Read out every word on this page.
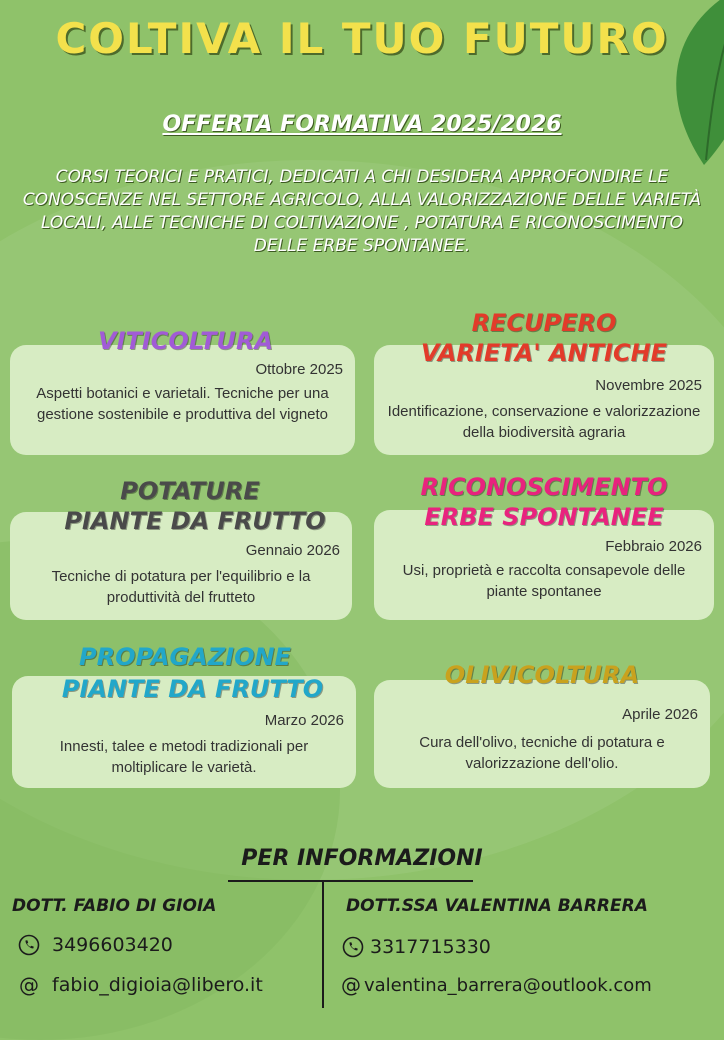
COLTIVA IL TUO FUTURO
OFFERTA FORMATIVA 2025/2026
CORSI TEORICI E PRATICI, DEDICATI A CHI DESIDERA APPROFONDIRE LE CONOSCENZE NEL SETTORE AGRICOLO, ALLA VALORIZZAZIONE DELLE VARIETÀ LOCALI, ALLE TECNICHE DI COLTIVAZIONE , POTATURA E RICONOSCIMENTO DELLE ERBE SPONTANEE.
Ottobre 2025
Aspetti botanici e varietali. Tecniche per una gestione sostenibile e produttiva del vigneto
VITICOLTURA
Novembre 2025
Identificazione, conservazione e valorizzazione della biodiversità agraria
RECUPERO
VARIETA' ANTICHE
Gennaio 2026
Tecniche di potatura per l'equilibrio e la produttività del frutteto
POTATURE
PIANTE DA FRUTTO
Febbraio 2026
Usi, proprietà e raccolta consapevole delle piante spontanee
RICONOSCIMENTO
ERBE SPONTANEE
Marzo 2026
Innesti, talee e metodi tradizionali per moltiplicare le varietà.
PROPAGAZIONE
PIANTE DA FRUTTO
Aprile 2026
Cura dell'olivo, tecniche di potatura e valorizzazione dell'olio.
OLIVICOLTURA
PER INFORMAZIONI
DOTT. FABIO DI GIOIA
3496603420
@ fabio_digioia@libero.it
DOTT.SSA VALENTINA BARRERA
3317715330
@ valentina_barrera@outlook.com
